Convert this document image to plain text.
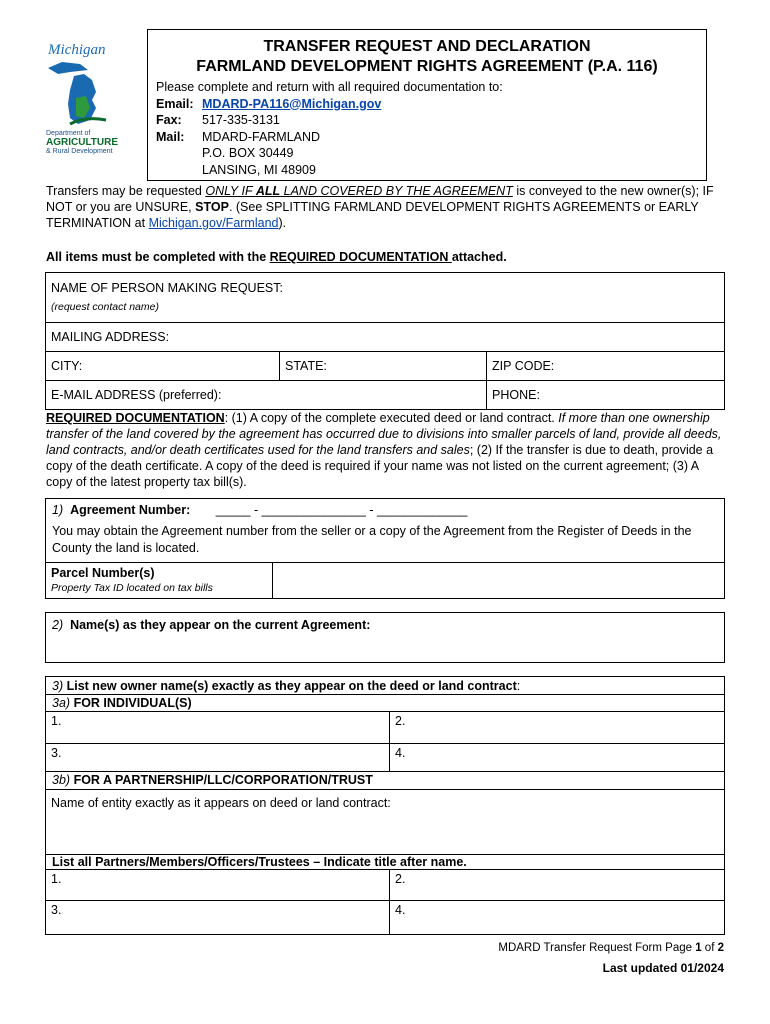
Michigan
Department of
AGRICULTURE
& Rural Development
TRANSFER REQUEST AND DECLARATION
FARMLAND DEVELOPMENT RIGHTS AGREEMENT (P.A. 116)
Please complete and return with all required documentation to:
Email: MDARD-PA116@Michigan.gov
Fax: 517-335-3131
Mail: MDARD-FARMLAND
P.O. BOX 30449
LANSING, MI 48909
Transfers may be requested ONLY IF ALL LAND COVERED BY THE AGREEMENT is conveyed to the new owner(s); IF NOT or you are UNSURE, STOP. (See SPLITTING FARMLAND DEVELOPMENT RIGHTS AGREEMENTS or EARLY TERMINATION at Michigan.gov/Farmland).
All items must be completed with the REQUIRED DOCUMENTATION attached.
NAME OF PERSON MAKING REQUEST:
(request contact name)
MAILING ADDRESS:
CITY:	STATE:	ZIP CODE:
E-MAIL ADDRESS (preferred):	PHONE:
REQUIRED DOCUMENTATION: (1) A copy of the complete executed deed or land contract. If more than one ownership transfer of the land covered by the agreement has occurred due to divisions into smaller parcels of land, provide all deeds, land contracts, and/or death certificates used for the land transfers and sales; (2) If the transfer is due to death, provide a copy of the death certificate. A copy of the deed is required if your name was not listed on the current agreement; (3) A copy of the latest property tax bill(s).
1) Agreement Number: _____ - _______________ - _____________
You may obtain the Agreement number from the seller or a copy of the Agreement from the Register of Deeds in the County the land is located.
Parcel Number(s)
Property Tax ID located on tax bills
2) Name(s) as they appear on the current Agreement:
3) List new owner name(s) exactly as they appear on the deed or land contract:
3a) FOR INDIVIDUAL(S)
1.	2.
3.	4.
3b) FOR A PARTNERSHIP/LLC/CORPORATION/TRUST
Name of entity exactly as it appears on deed or land contract:
List all Partners/Members/Officers/Trustees – Indicate title after name.
1.	2.
3.	4.
MDARD Transfer Request Form Page 1 of 2
Last updated 01/2024
